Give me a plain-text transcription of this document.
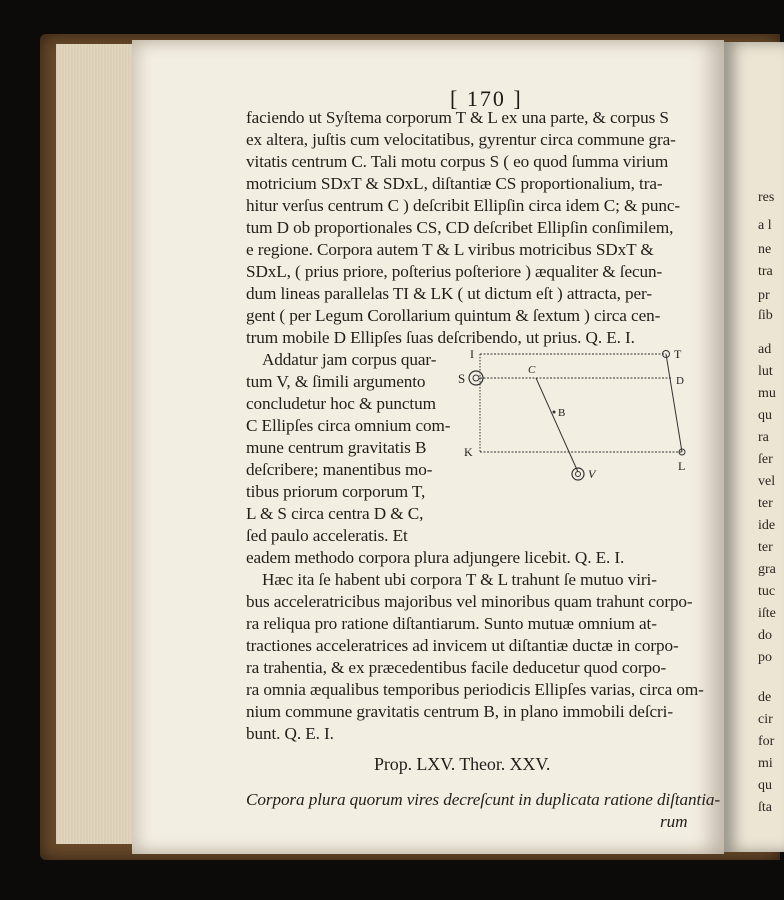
res
a l
ne
tra
pr
ſib
ad
lut
mu
qu
ra
ſer
vel
ter
ide
ter
gra
tuc
iſte
do
po
de
cir
for
mi
qu
ſta
[ 170 ]
faciendo ut Syſtema corporum T & L ex una parte, & corpus S
ex altera, juſtis cum velocitatibus, gyrentur circa commune gra-
vitatis centrum C. Tali motu corpus S ( eo quod ſumma virium
motricium SDxT & SDxL, diſtantiæ CS proportionalium, tra-
hitur verſus centrum C ) deſcribit Ellipſin circa idem C; & punc-
tum D ob proportionales CS, CD deſcribet Ellipſin conſimilem,
e regione. Corpora autem T & L viribus motricibus SDxT &
SDxL, ( prius priore, poſterius poſteriore ) æqualiter & ſecun-
dum lineas parallelas TI & LK ( ut dictum eſt ) attracta, per-
gent ( per Legum Corollarium quintum & ſextum ) circa cen-
trum mobile D Ellipſes ſuas deſcribendo, ut prius. Q. E. I.
Addatur jam corpus quar-
tum V, & ſimili argumento
concludetur hoc & punctum
C Ellipſes circa omnium com-
mune centrum gravitatis B
deſcribere; manentibus mo-
tibus priorum corporum T,
L & S circa centra D & C,
ſed paulo acceleratis. Et
I	T
S
C
D
B
K
L
V
eadem methodo corpora plura adjungere licebit. Q. E. I.
Hæc ita ſe habent ubi corpora T & L trahunt ſe mutuo viri-
bus acceleratricibus majoribus vel minoribus quam trahunt corpo-
ra reliqua pro ratione diſtantiarum. Sunto mutuæ omnium at-
tractiones acceleratrices ad invicem ut diſtantiæ ductæ in corpo-
ra trahentia, & ex præcedentibus facile deducetur quod corpo-
ra omnia æqualibus temporibus periodicis Ellipſes varias, circa om-
nium commune gravitatis centrum B, in plano immobili deſcri-
bunt. Q. E. I.
Prop. LXV. Theor. XXV.
Corpora plura quorum vires decreſcunt in duplicata ratione diſtantia-
rum
